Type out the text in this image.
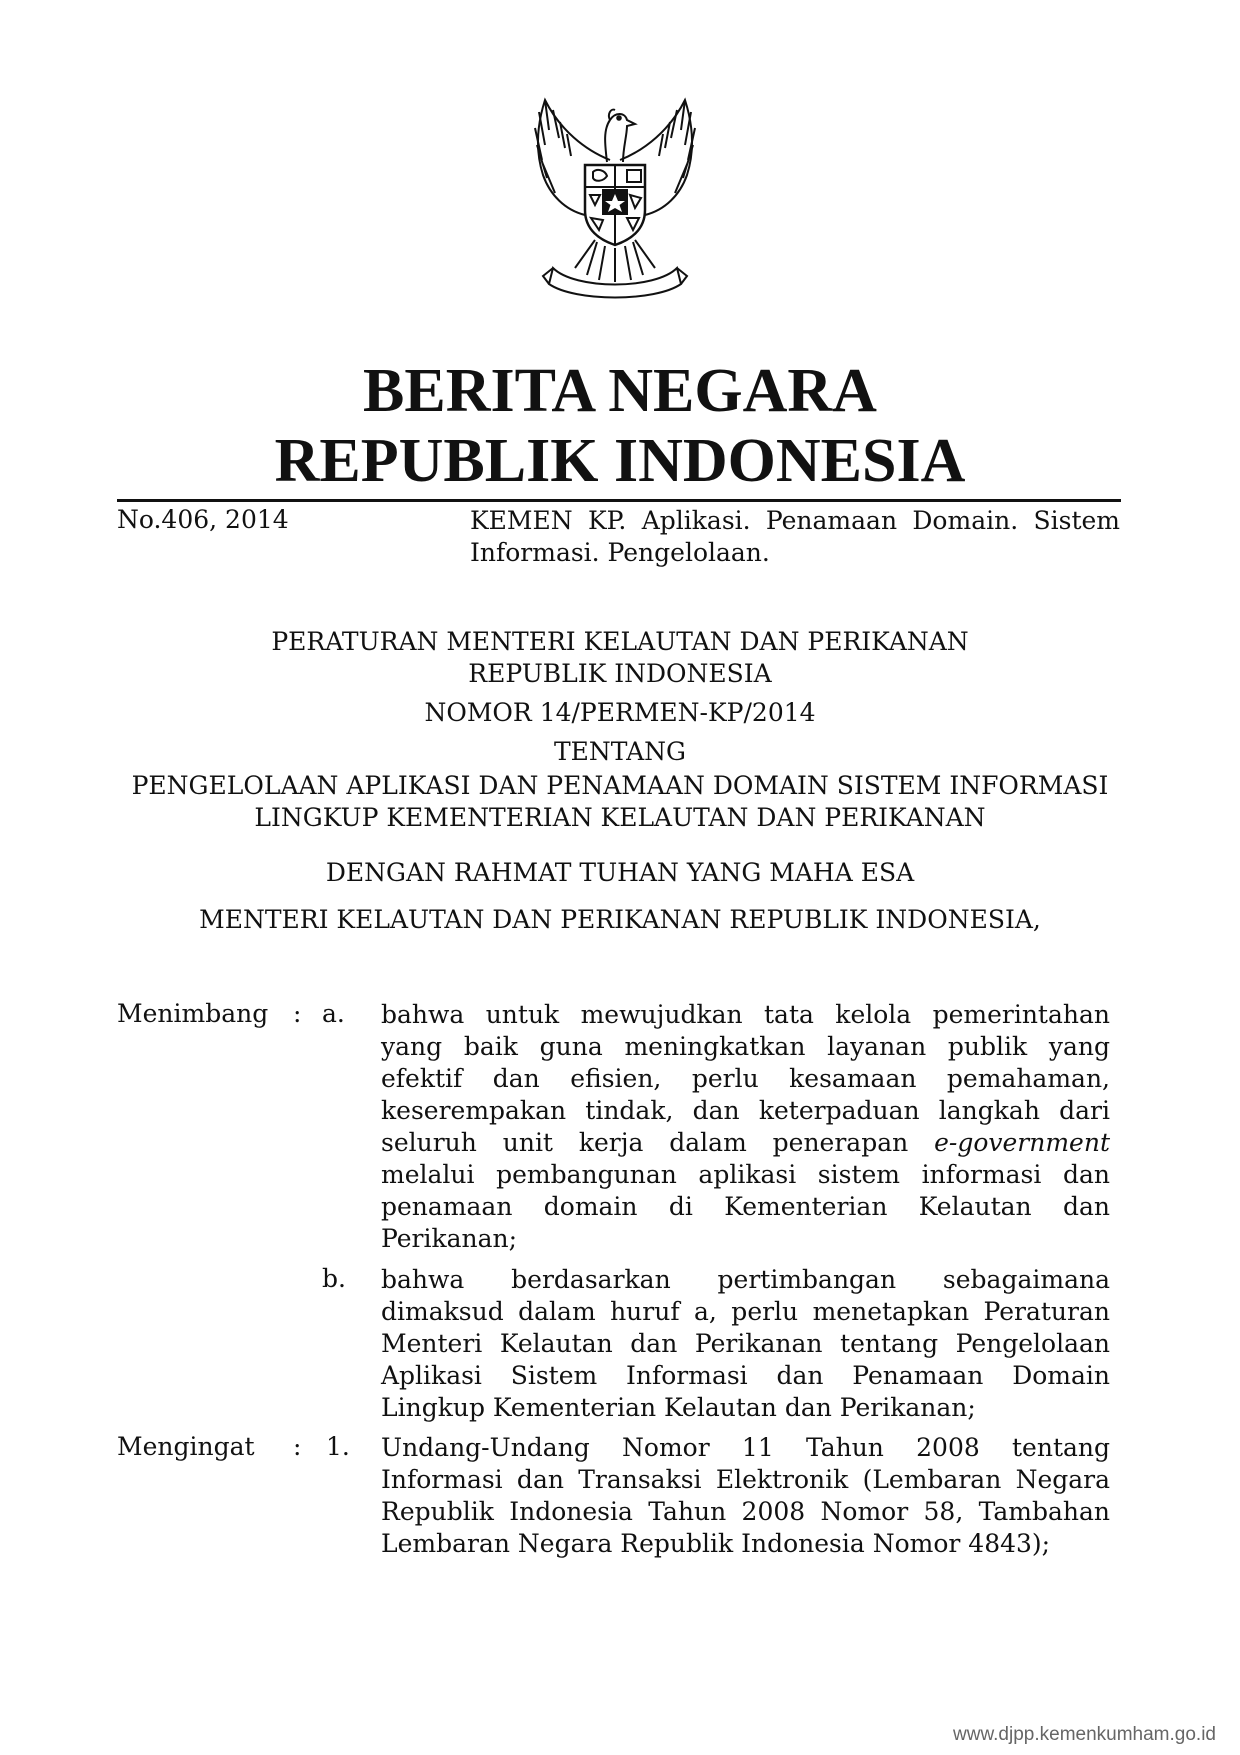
BERITA NEGARA
REPUBLIK INDONESIA
No.406, 2014	KEMEN KP. Aplikasi. Penamaan Domain. Sistem Informasi. Pengelolaan.
PERATURAN MENTERI KELAUTAN DAN PERIKANAN
REPUBLIK INDONESIA
NOMOR 14/PERMEN-KP/2014
TENTANG
PENGELOLAAN APLIKASI DAN PENAMAAN DOMAIN SISTEM INFORMASI
LINGKUP KEMENTERIAN KELAUTAN DAN PERIKANAN
DENGAN RAHMAT TUHAN YANG MAHA ESA
MENTERI KELAUTAN DAN PERIKANAN REPUBLIK INDONESIA,
Menimbang : a. bahwa untuk mewujudkan tata kelola pemerintahan yang baik guna meningkatkan layanan publik yang efektif dan efisien, perlu kesamaan pemahaman, keserempakan tindak, dan keterpaduan langkah dari seluruh unit kerja dalam penerapan e-government melalui pembangunan aplikasi sistem informasi dan penamaan domain di Kementerian Kelautan dan Perikanan;
b. bahwa berdasarkan pertimbangan sebagaimana dimaksud dalam huruf a, perlu menetapkan Peraturan Menteri Kelautan dan Perikanan tentang Pengelolaan Aplikasi Sistem Informasi dan Penamaan Domain Lingkup Kementerian Kelautan dan Perikanan;
Mengingat : 1. Undang-Undang Nomor 11 Tahun 2008 tentang Informasi dan Transaksi Elektronik (Lembaran Negara Republik Indonesia Tahun 2008 Nomor 58, Tambahan Lembaran Negara Republik Indonesia Nomor 4843);
www.djpp.kemenkumham.go.id
